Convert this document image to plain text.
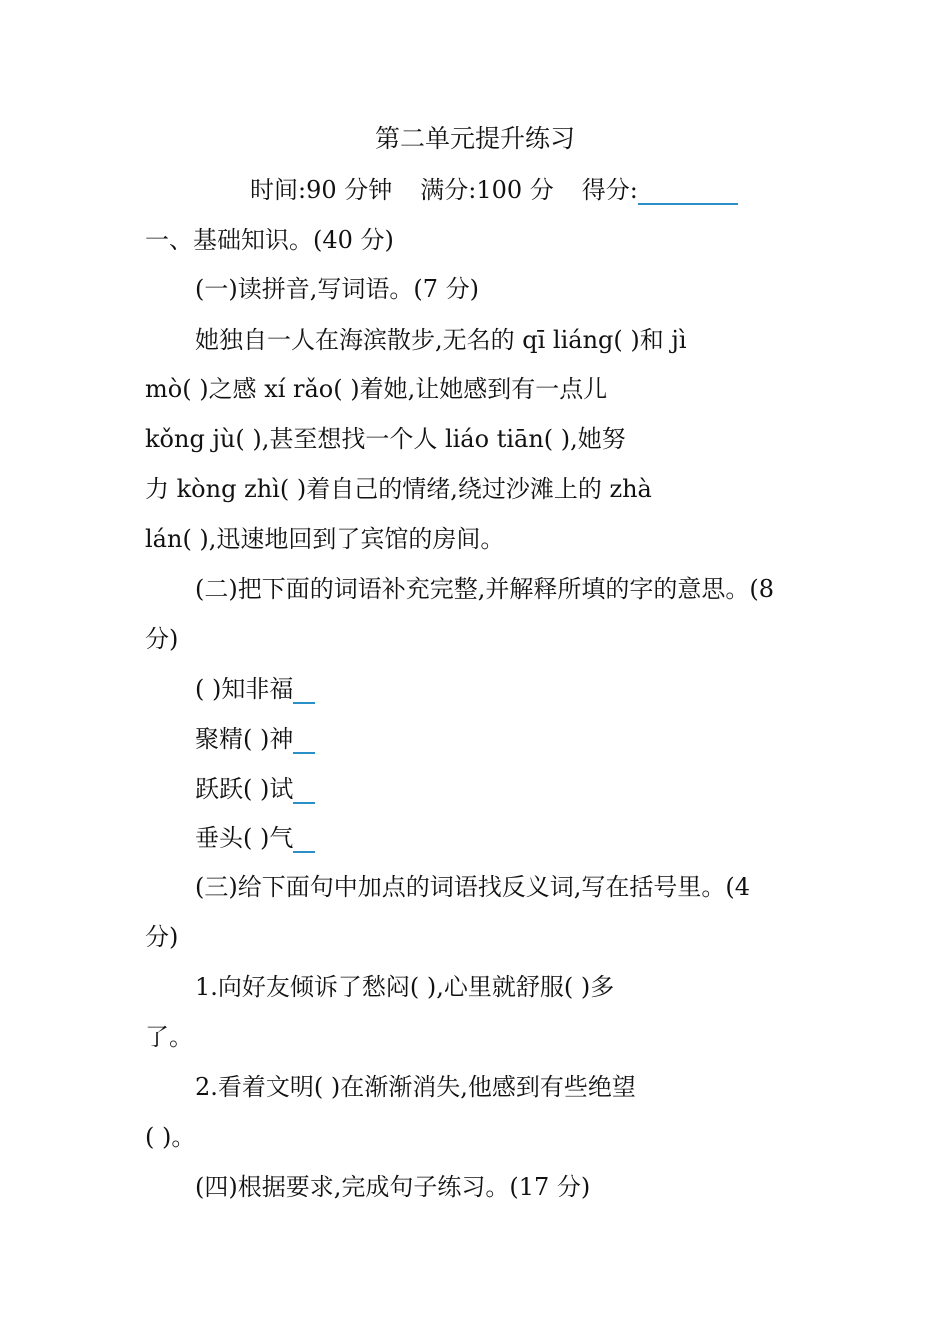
第二单元提升练习

时间:90 分钟 满分:100 分 得分:

一、基础知识。(40 分)

(一)读拼音,写词语。(7 分)

她独自一人在海滨散步,无名的 qī liáng( )和 jì

mò( )之感 xí rǎo( )着她,让她感到有一点儿

kǒng jù( ),甚至想找一个人 liáo tiān( ),她努

力 kòng zhì( )着自己的情绪,绕过沙滩上的 zhà

lán( ),迅速地回到了宾馆的房间。

(二)把下面的词语补充完整,并解释所填的字的意思。(8

分)

( )知非福

聚精( )神

跃跃( )试

垂头( )气

(三)给下面句中加点的词语找反义词,写在括号里。(4

分)

1.向好友倾诉了愁闷( ),心里就舒服( )多

了。

2.看着文明( )在渐渐消失,他感到有些绝望

( )。

(四)根据要求,完成句子练习。(17 分)
